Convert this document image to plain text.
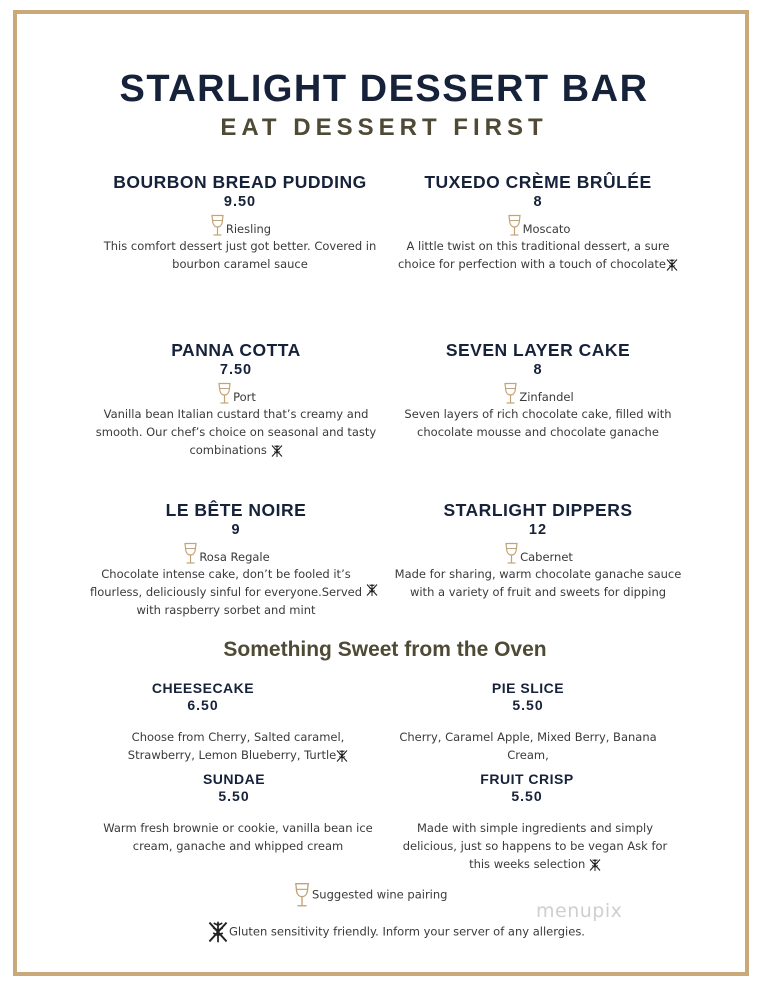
STARLIGHT DESSERT BAR
EAT DESSERT FIRST
BOURBON BREAD PUDDING
9.50
Riesling
This comfort dessert just got better. Covered in bourbon caramel sauce
TUXEDO CRÈME BRÛLÉE
8
Moscato
A little twist on this traditional dessert, a sure choice for perfection with a touch of chocolate
PANNA COTTA
7.50
Port
Vanilla bean Italian custard that’s creamy and smooth. Our chef’s choice on seasonal and tasty combinations
SEVEN LAYER CAKE
8
Zinfandel
Seven layers of rich chocolate cake, filled with chocolate mousse and chocolate ganache
LE BÊTE NOIRE
9
Rosa Regale
Chocolate intense cake, don’t be fooled it’s flourless, deliciously sinful for everyone.Served with raspberry sorbet and mint
STARLIGHT DIPPERS
12
Cabernet
Made for sharing, warm chocolate ganache sauce with a variety of fruit and sweets for dipping
Something Sweet from the Oven
CHEESECAKE
6.50
Choose from Cherry, Salted caramel, Strawberry, Lemon Blueberry, Turtle
PIE SLICE
5.50
Cherry, Caramel Apple, Mixed Berry, Banana Cream,
SUNDAE
5.50
Warm fresh brownie or cookie, vanilla bean ice cream, ganache and whipped cream
FRUIT CRISP
5.50
Made with simple ingredients and simply delicious, just so happens to be vegan Ask for this weeks selection
Suggested wine pairing
Gluten sensitivity friendly. Inform your server of any allergies.
menupix
